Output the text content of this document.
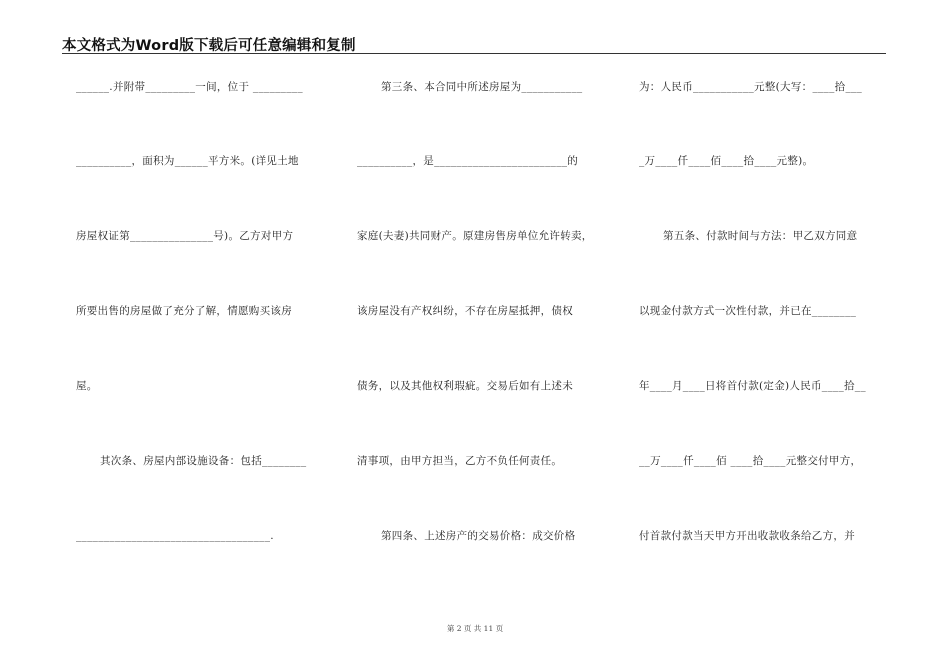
本文格式为Word版下载后可任意编辑和复制
______.并附带_________一间，位于 _________
__________，面积为______平方米。(详见土地
房屋权证第_______________号)。乙方对甲方
所要出售的房屋做了充分了解，情愿购买该房
屋。
其次条、房屋内部设施设备：包括________
___________________________________.
第三条、本合同中所述房屋为___________
__________，是________________________的
家庭(夫妻)共同财产。原建房售房单位允许转卖，
该房屋没有产权纠纷，不存在房屋抵押，债权
债务，以及其他权利瑕疵。交易后如有上述未
清事项，由甲方担当，乙方不负任何责任。
第四条、上述房产的交易价格：成交价格
为：人民币___________元整(大写：____拾___
_万____仟____佰____拾____元整)。
第五条、付款时间与方法：甲乙双方同意
以现金付款方式一次性付款，并已在________
年____月____日将首付款(定金)人民币____拾__
__万____仟____佰 ____拾____元整交付甲方，
付首款付款当天甲方开出收款收条给乙方，并
第 2 页 共 11 页
